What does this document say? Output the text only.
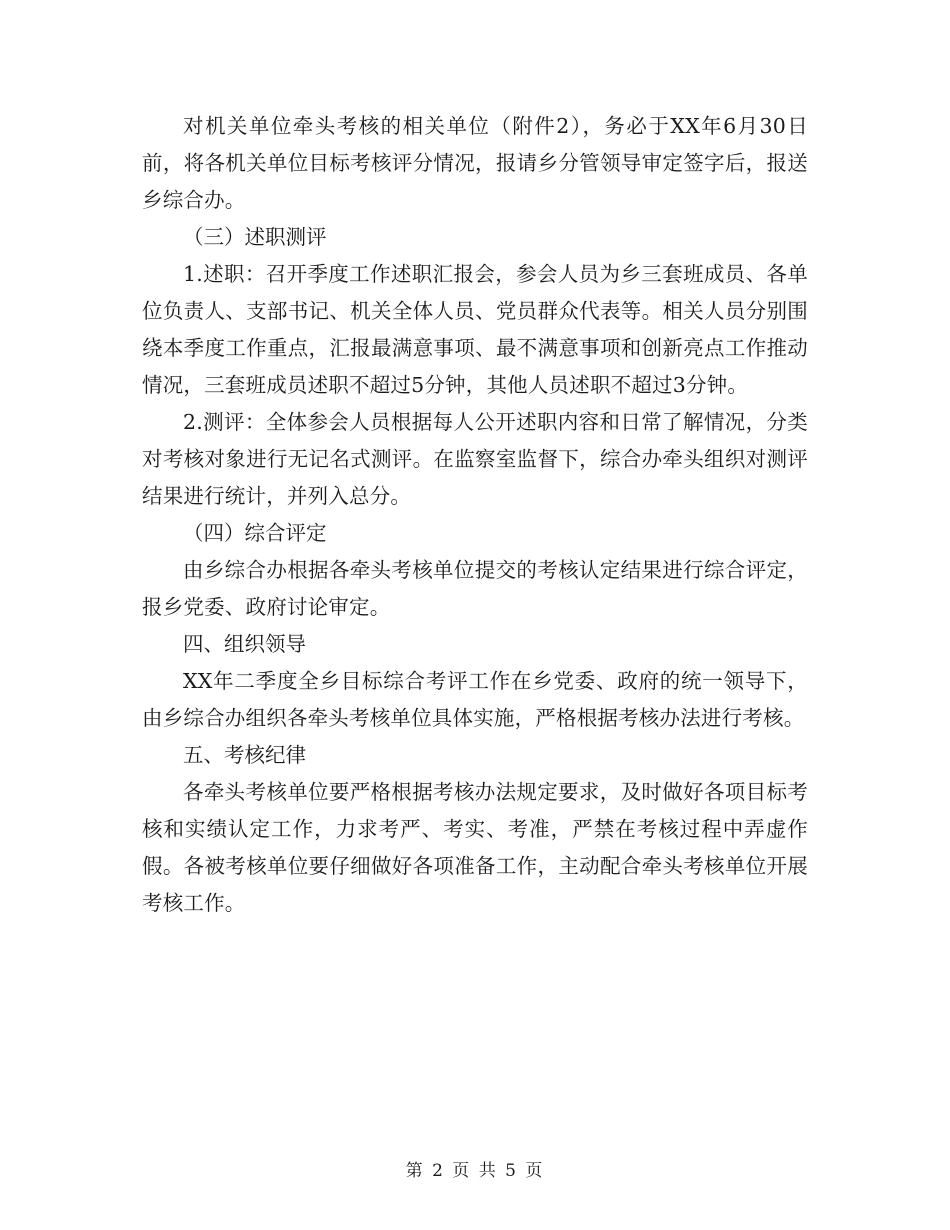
对机关单位牵头考核的相关单位（附件2），务必于XX年6月30日前，将各机关单位目标考核评分情况，报请乡分管领导审定签字后，报送乡综合办。

（三）述职测评

1.述职：召开季度工作述职汇报会，参会人员为乡三套班成员、各单位负责人、支部书记、机关全体人员、党员群众代表等。相关人员分别围绕本季度工作重点，汇报最满意事项、最不满意事项和创新亮点工作推动情况，三套班成员述职不超过5分钟，其他人员述职不超过3分钟。

2.测评：全体参会人员根据每人公开述职内容和日常了解情况，分类对考核对象进行无记名式测评。在监察室监督下，综合办牵头组织对测评结果进行统计，并列入总分。

（四）综合评定

由乡综合办根据各牵头考核单位提交的考核认定结果进行综合评定，报乡党委、政府讨论审定。

四、组织领导

XX年二季度全乡目标综合考评工作在乡党委、政府的统一领导下，由乡综合办组织各牵头考核单位具体实施，严格根据考核办法进行考核。

五、考核纪律

各牵头考核单位要严格根据考核办法规定要求，及时做好各项目标考核和实绩认定工作，力求考严、考实、考准，严禁在考核过程中弄虚作假。各被考核单位要仔细做好各项准备工作，主动配合牵头考核单位开展考核工作。

第 2 页 共 5 页
